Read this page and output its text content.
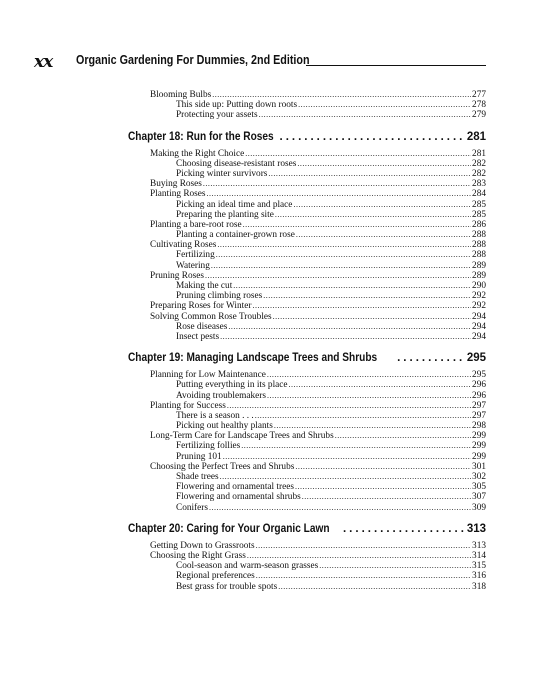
xx Organic Gardening For Dummies, 2nd Edition
Blooming Bulbs .....	277
This side up: Putting down roots .....	278
Protecting your assets .....	279
Chapter 18: Run for the Roses .....	281
Making the Right Choice .....	281
Choosing disease-resistant roses .....	282
Picking winter survivors .....	282
Buying Roses .....	283
Planting Roses .....	284
Picking an ideal time and place .....	285
Preparing the planting site .....	285
Planting a bare-root rose .....	286
Planting a container-grown rose .....	288
Cultivating Roses .....	288
Fertilizing .....	288
Watering .....	289
Pruning Roses .....	289
Making the cut .....	290
Pruning climbing roses .....	292
Preparing Roses for Winter .....	292
Solving Common Rose Troubles .....	294
Rose diseases .....	294
Insect pests .....	294
Chapter 19: Managing Landscape Trees and Shrubs .....	295
Planning for Low Maintenance .....	295
Putting everything in its place .....	296
Avoiding troublemakers .....	296
Planting for Success .....	297
There is a season . . . .....	297
Picking out healthy plants .....	298
Long-Term Care for Landscape Trees and Shrubs .....	299
Fertilizing follies .....	299
Pruning 101 .....	299
Choosing the Perfect Trees and Shrubs .....	301
Shade trees .....	302
Flowering and ornamental trees .....	305
Flowering and ornamental shrubs .....	307
Conifers .....	309
Chapter 20: Caring for Your Organic Lawn .....	313
Getting Down to Grassroots .....	313
Choosing the Right Grass .....	314
Cool-season and warm-season grasses .....	315
Regional preferences .....	316
Best grass for trouble spots .....	318
